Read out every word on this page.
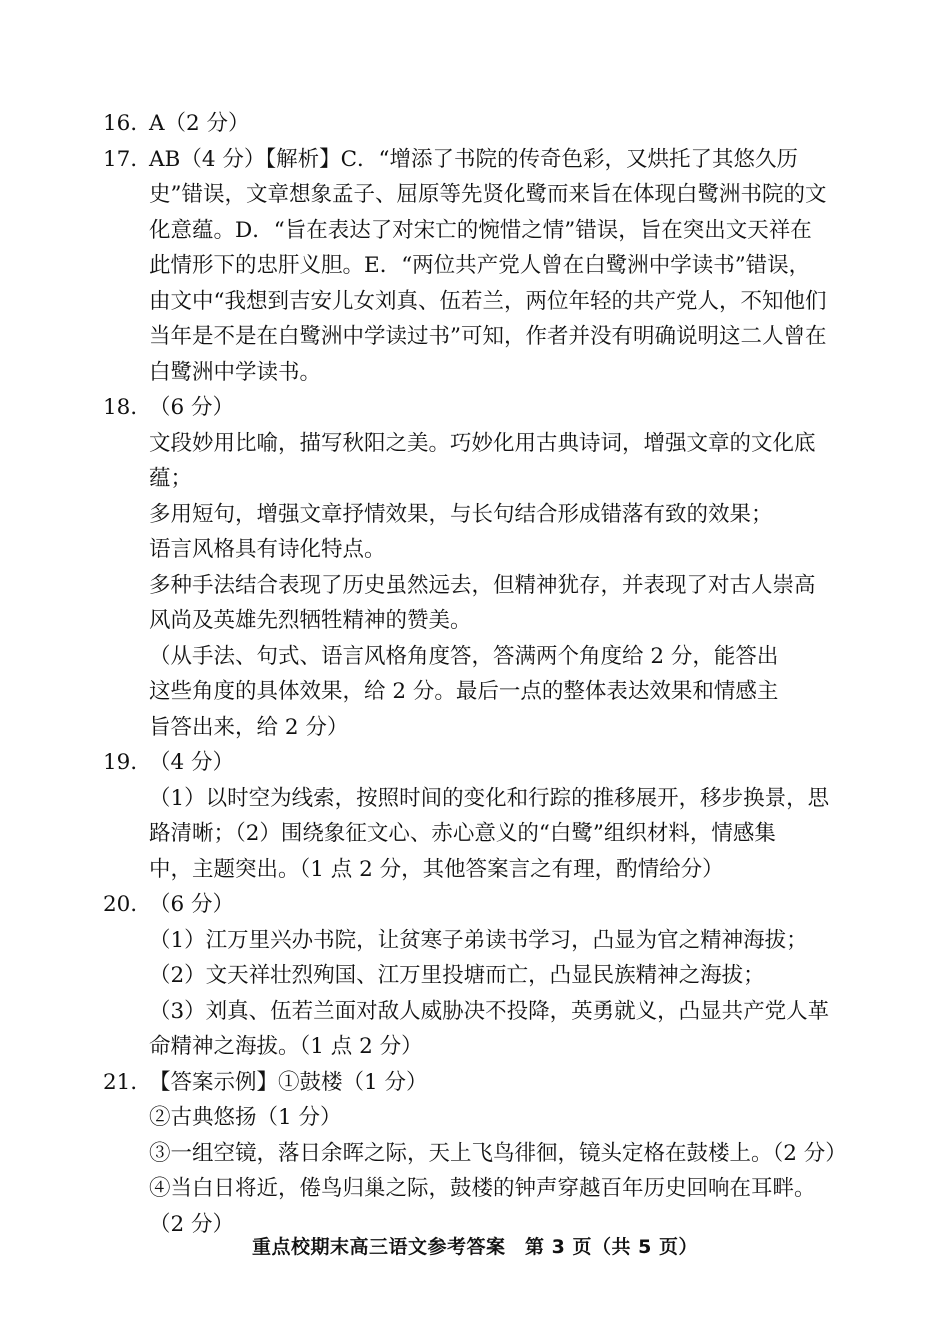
16．
A（2 分）
17．
AB（4 分）【解析】C．“增添了书院的传奇色彩，又烘托了其悠久历
史”错误，文章想象孟子、屈原等先贤化鹭而来旨在体现白鹭洲书院的文
化意蕴。D．“旨在表达了对宋亡的惋惜之情”错误，旨在突出文天祥在
此情形下的忠肝义胆。E．“两位共产党人曾在白鹭洲中学读书”错误，
由文中“我想到吉安儿女刘真、伍若兰，两位年轻的共产党人，不知他们
当年是不是在白鹭洲中学读过书”可知，作者并没有明确说明这二人曾在
白鹭洲中学读书。
18．
（6 分）
文段妙用比喻，描写秋阳之美。巧妙化用古典诗词，增强文章的文化底
蕴；
多用短句，增强文章抒情效果，与长句结合形成错落有致的效果；
语言风格具有诗化特点。
多种手法结合表现了历史虽然远去，但精神犹存，并表现了对古人崇高
风尚及英雄先烈牺牲精神的赞美。
（从手法、句式、语言风格角度答，答满两个角度给 2 分，能答出
这些角度的具体效果，给 2 分。最后一点的整体表达效果和情感主
旨答出来，给 2 分）
19．
（4 分）
（1）以时空为线索，按照时间的变化和行踪的推移展开，移步换景，思
路清晰；（2）围绕象征文心、赤心意义的“白鹭”组织材料，情感集
中，主题突出。（1 点 2 分，其他答案言之有理，酌情给分）
20．
（6 分）
（1）江万里兴办书院，让贫寒子弟读书学习，凸显为官之精神海拔；
（2）文天祥壮烈殉国、江万里投塘而亡，凸显民族精神之海拔；
（3）刘真、伍若兰面对敌人威胁决不投降，英勇就义，凸显共产党人革
命精神之海拔。（1 点 2 分）
21．
【答案示例】①鼓楼（1 分）
②古典悠扬（1 分）
③一组空镜，落日余晖之际，天上飞鸟徘徊，镜头定格在鼓楼上。（2 分）
④当白日将近，倦鸟归巢之际，鼓楼的钟声穿越百年历史回响在耳畔。
（2 分）
重点校期末高三语文参考答案　第 3 页（共 5 页）
